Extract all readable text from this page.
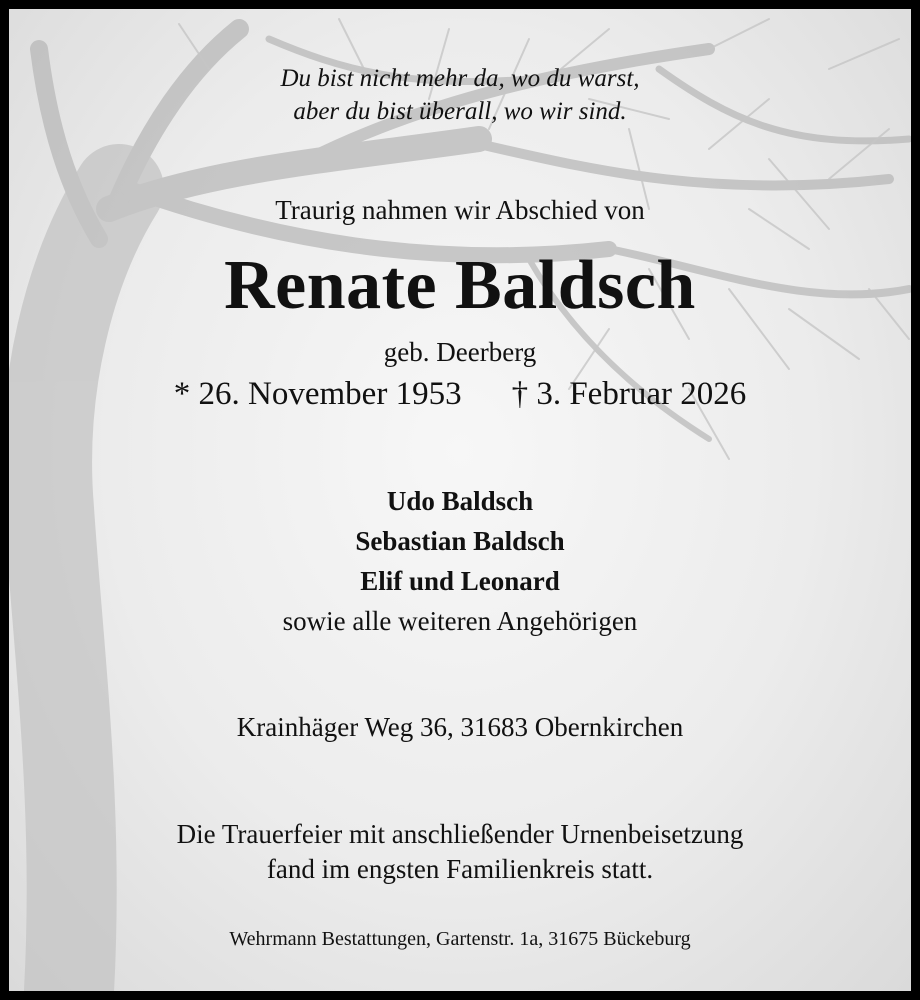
Du bist nicht mehr da, wo du warst,
aber du bist überall, wo wir sind.
Traurig nahmen wir Abschied von
Renate Baldsch
geb. Deerberg
* 26. November 1953 † 3. Februar 2026
Udo Baldsch
Sebastian Baldsch
Elif und Leonard
sowie alle weiteren Angehörigen
Krainhäger Weg 36, 31683 Obernkirchen
Die Trauerfeier mit anschließender Urnenbeisetzung
fand im engsten Familienkreis statt.
Wehrmann Bestattungen, Gartenstr. 1a, 31675 Bückeburg
